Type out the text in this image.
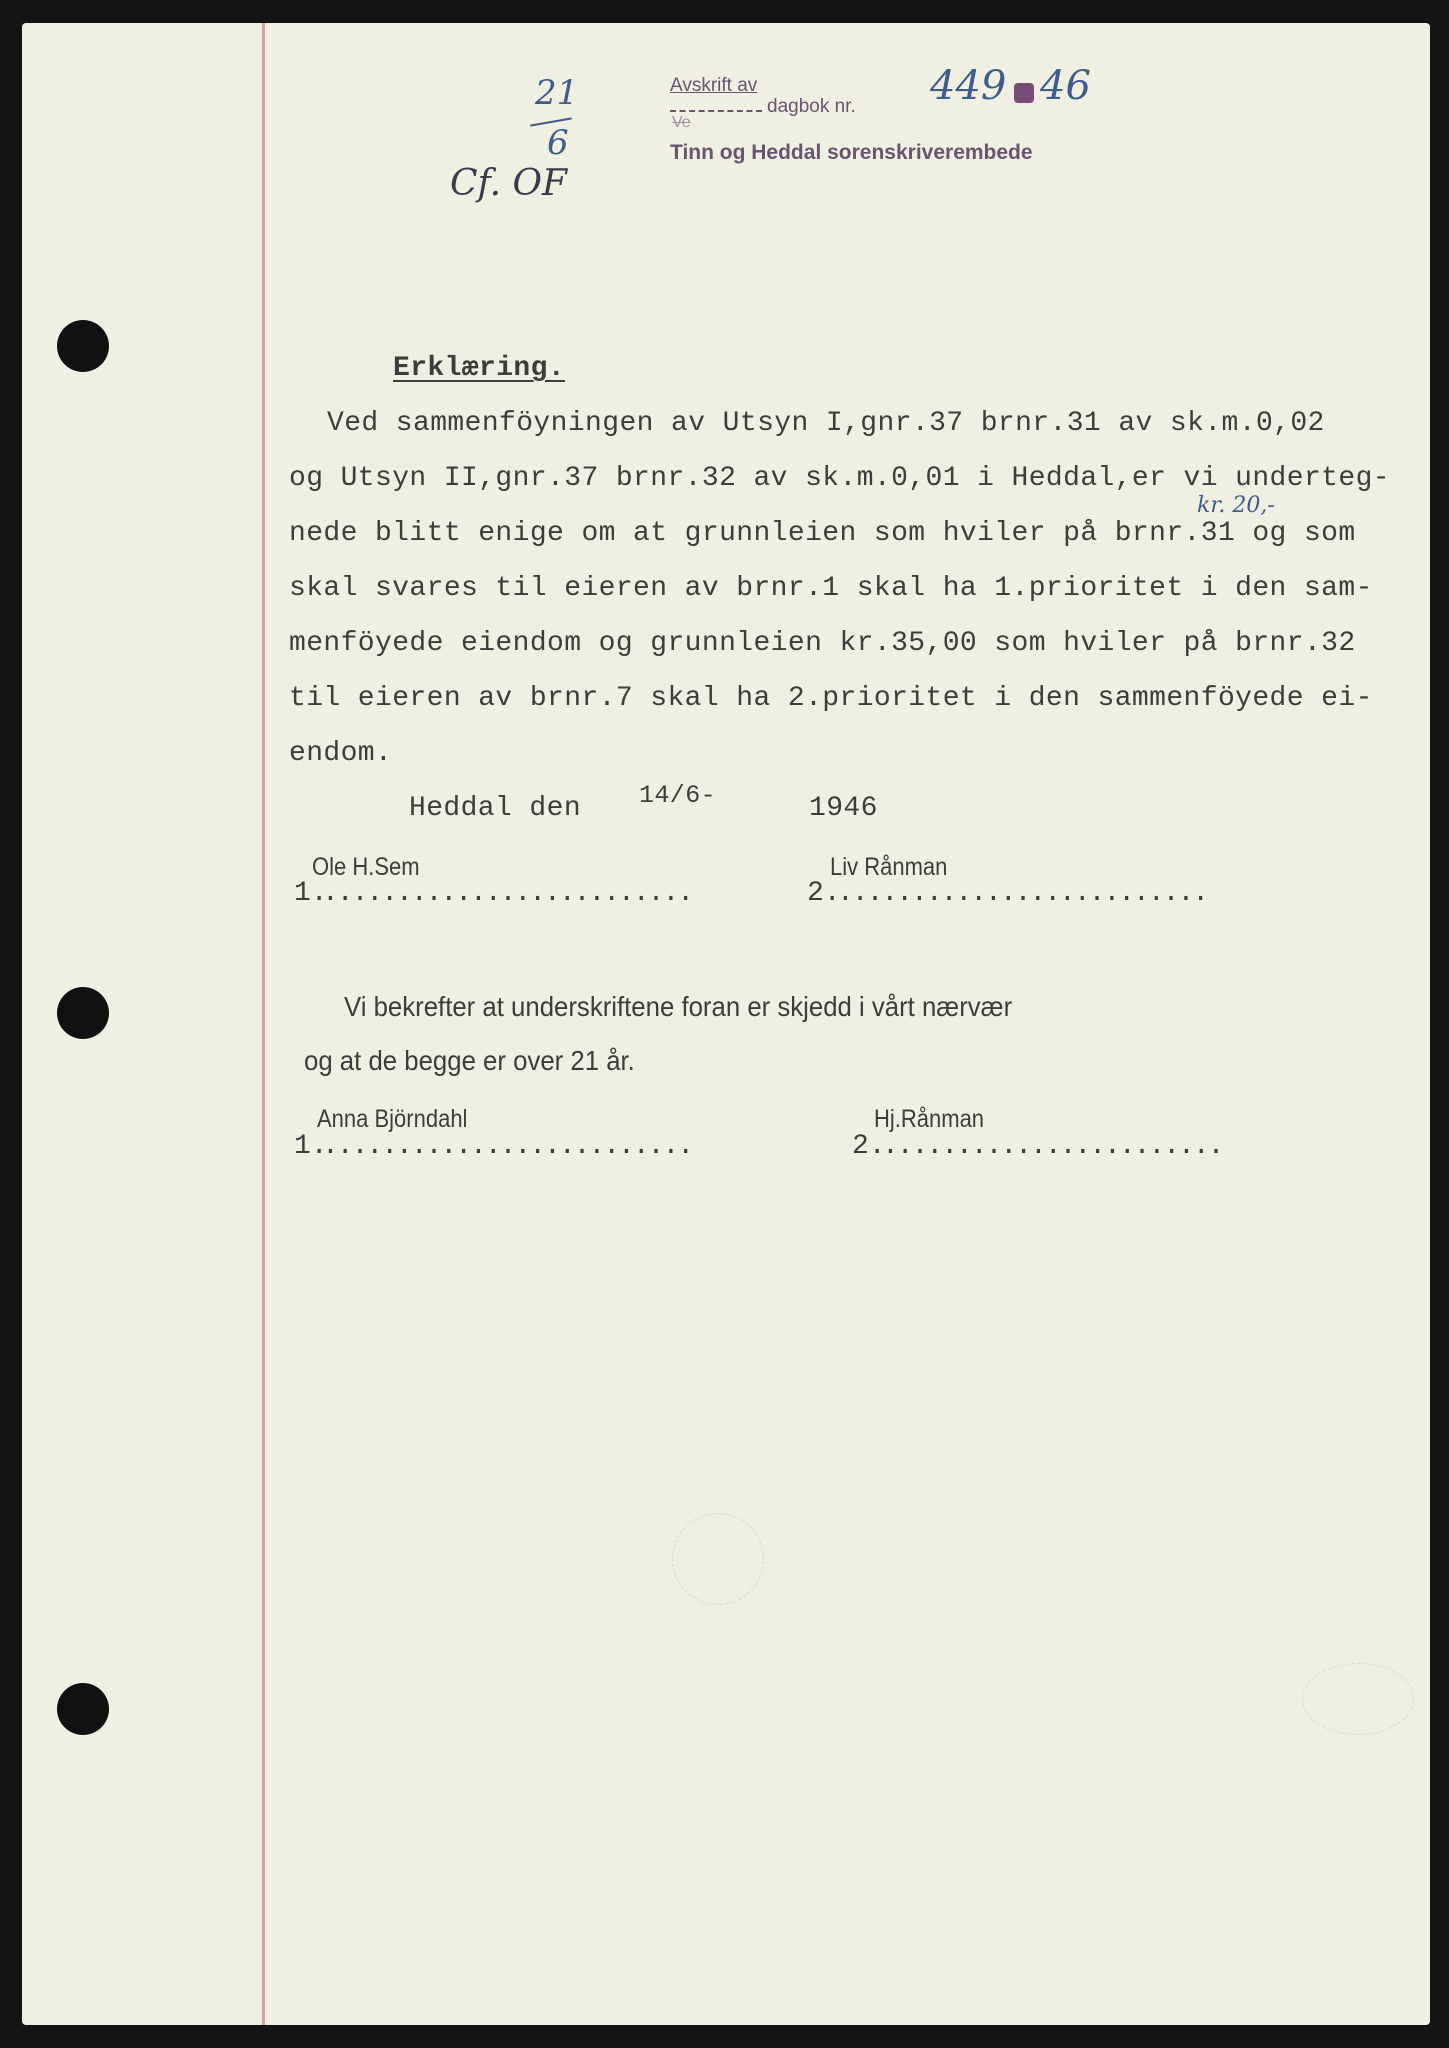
21
6
Avskrift av
dagbok nr.
Ve
449 46
Tinn og Heddal sorenskriverembede
Cf. OF
Erklæring.
Ved sammenföyningen av Utsyn I,gnr.37 brnr.31 av sk.m.0,02
og Utsyn II,gnr.37 brnr.32 av sk.m.0,01 i Heddal,er vi underteg-
nede blitt enige om at grunnleien som hviler på brnr.31 og som
kr. 20,-
skal svares til eieren av brnr.1 skal ha 1.prioritet i den sam-
menföyede eiendom og grunnleien kr.35,00 som hviler på brnr.32
til eieren av brnr.7 skal ha 2.prioritet i den sammenföyede ei-
endom.
Heddal den 14/6-	1946
1.
Ole H.Sem
.........................	2.
Liv Rånman
.........................
Vi bekrefter at underskriftene foran er skjedd i vårt nærvær
og at de begge er over 21 år.
1.
Anna Björndahl
.........................	2.
Hj.Rånman
.......................
